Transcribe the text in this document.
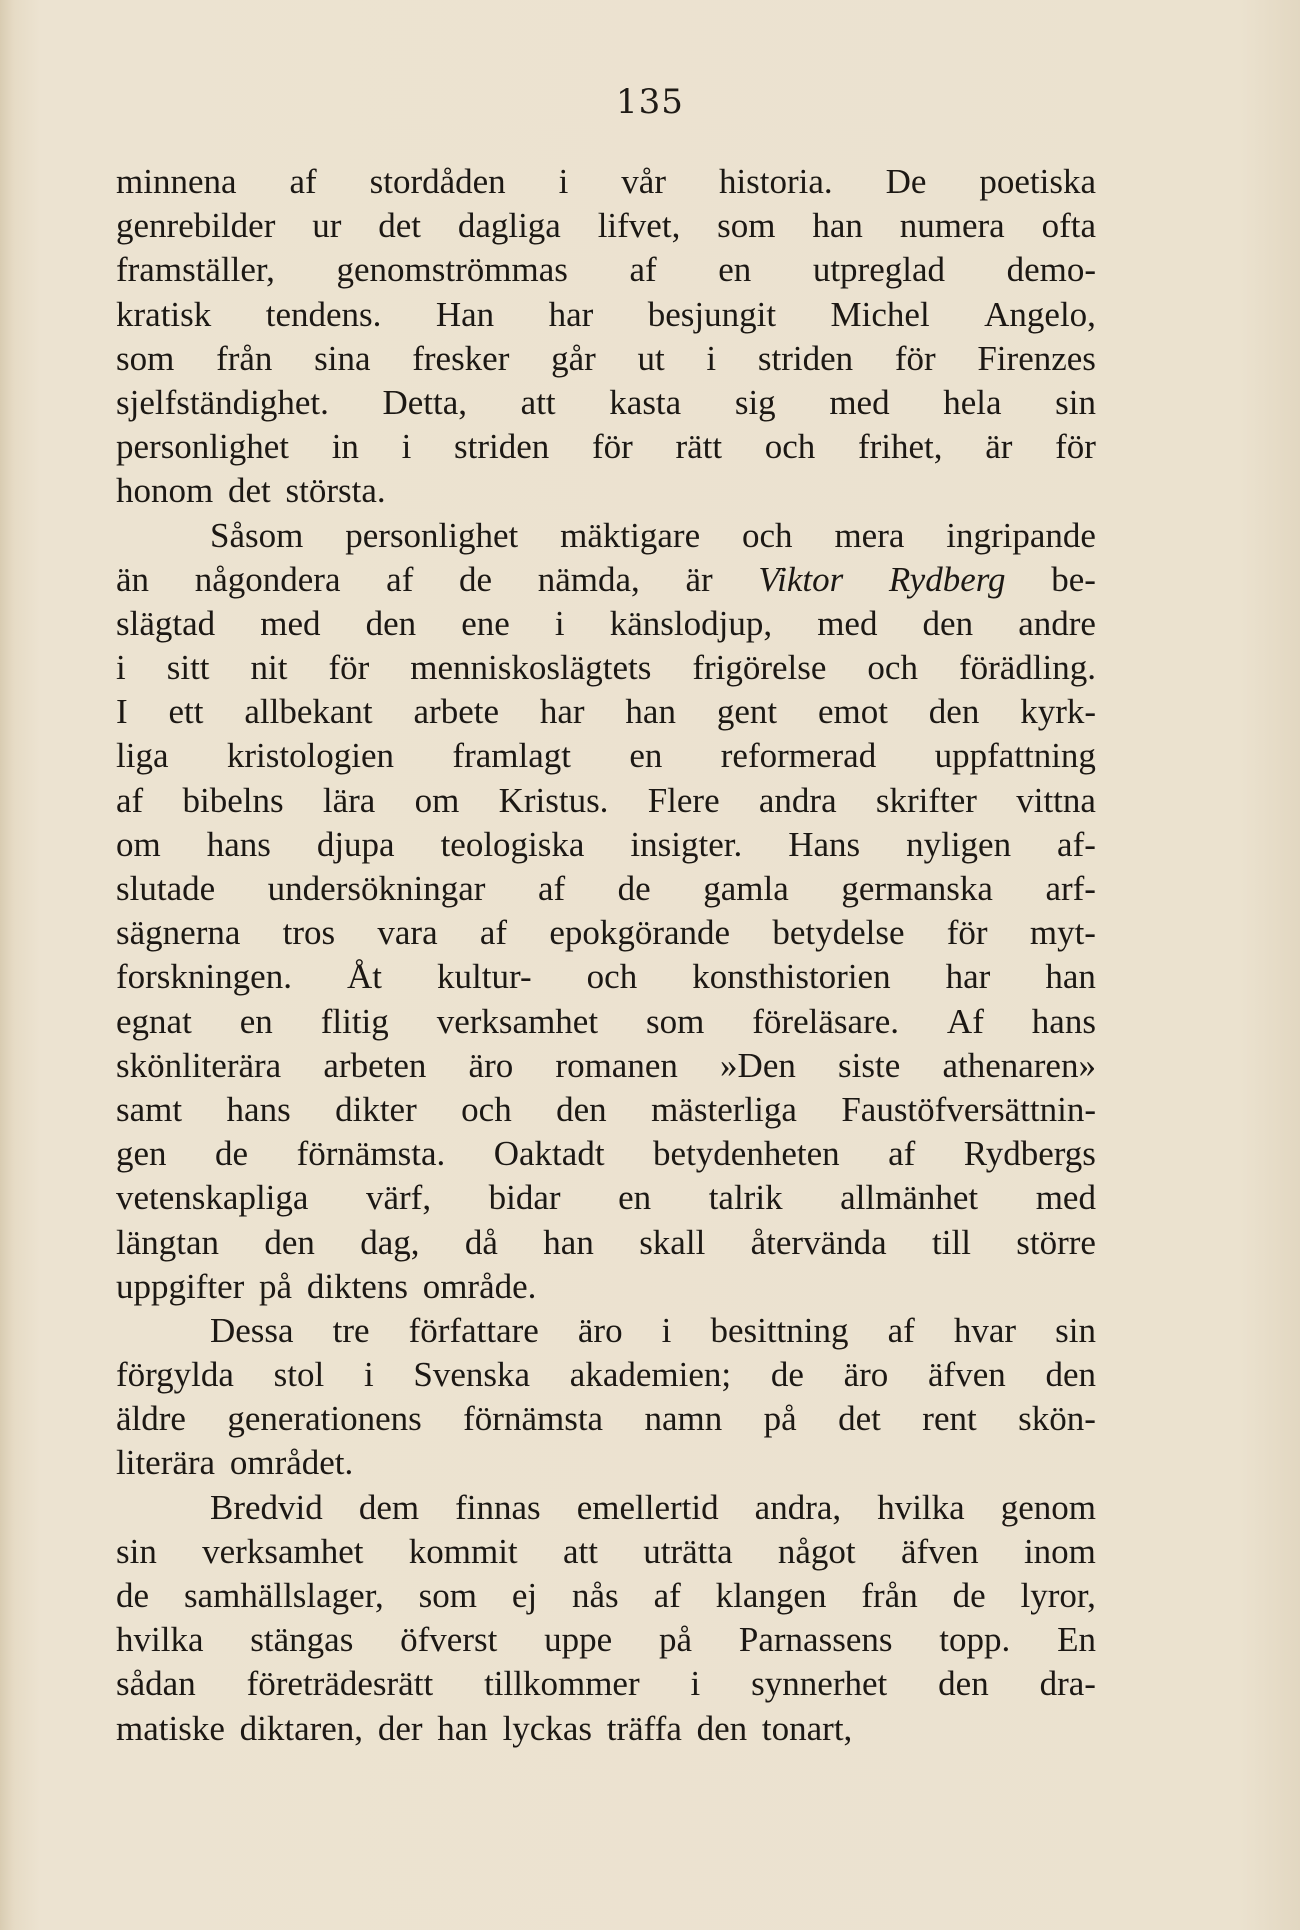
135
minnena af stordåden i vår historia. De poetiska
genrebilder ur det dagliga lifvet, som han numera ofta
framställer, genomströmmas af en utpreglad demo-
kratisk tendens. Han har besjungit Michel Angelo,
som från sina fresker går ut i striden för Firenzes
sjelfständighet. Detta, att kasta sig med hela sin
personlighet in i striden för rätt och frihet, är för
honom det största.
Såsom personlighet mäktigare och mera ingripande
än någondera af de nämda, är Viktor Rydberg be-
slägtad med den ene i känslodjup, med den andre
i sitt nit för menniskoslägtets frigörelse och förädling.
I ett allbekant arbete har han gent emot den kyrk-
liga kristologien framlagt en reformerad uppfattning
af bibelns lära om Kristus. Flere andra skrifter vittna
om hans djupa teologiska insigter. Hans nyligen af-
slutade undersökningar af de gamla germanska arf-
sägnerna tros vara af epokgörande betydelse för myt-
forskningen. Åt kultur- och konsthistorien har han
egnat en flitig verksamhet som föreläsare. Af hans
skönliterära arbeten äro romanen »Den siste athenaren»
samt hans dikter och den mästerliga Faustöfversättnin-
gen de förnämsta. Oaktadt betydenheten af Rydbergs
vetenskapliga värf, bidar en talrik allmänhet med
längtan den dag, då han skall återvända till större
uppgifter på diktens område.
Dessa tre författare äro i besittning af hvar sin
förgylda stol i Svenska akademien; de äro äfven den
äldre generationens förnämsta namn på det rent skön-
literära området.
Bredvid dem finnas emellertid andra, hvilka genom
sin verksamhet kommit att uträtta något äfven inom
de samhällslager, som ej nås af klangen från de lyror,
hvilka stängas öfverst uppe på Parnassens topp. En
sådan företrädesrätt tillkommer i synnerhet den dra-
matiske diktaren, der han lyckas träffa den tonart,
